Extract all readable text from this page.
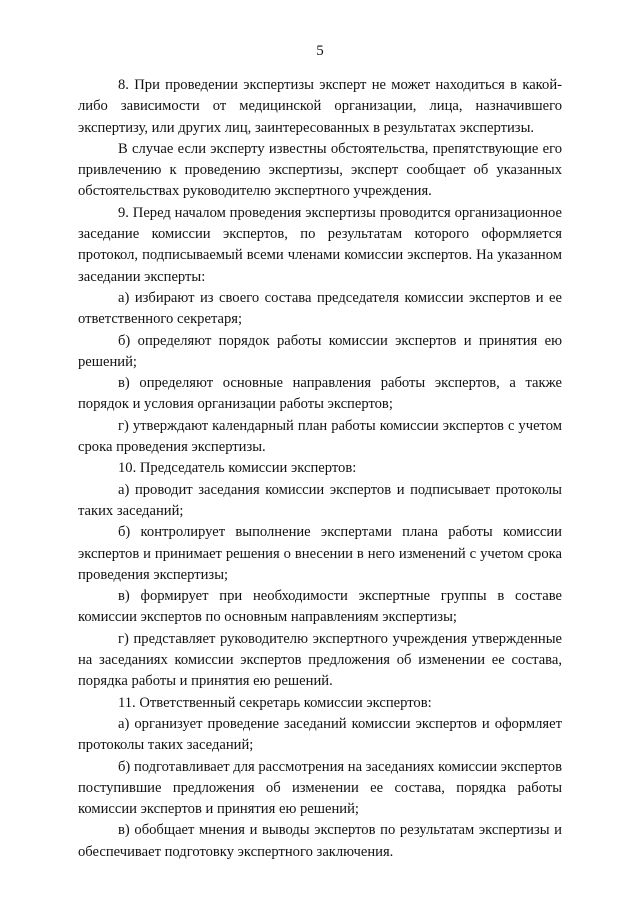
5

8. При проведении экспертизы эксперт не может находиться в какой-либо зависимости от медицинской организации, лица, назначившего экспертизу, или других лиц, заинтересованных в результатах экспертизы.

В случае если эксперту известны обстоятельства, препятствующие его привлечению к проведению экспертизы, эксперт сообщает об указанных обстоятельствах руководителю экспертного учреждения.

9. Перед началом проведения экспертизы проводится организационное заседание комиссии экспертов, по результатам которого оформляется протокол, подписываемый всеми членами комиссии экспертов. На указанном заседании эксперты:

а) избирают из своего состава председателя комиссии экспертов и ее ответственного секретаря;

б) определяют порядок работы комиссии экспертов и принятия ею решений;

в) определяют основные направления работы экспертов, а также порядок и условия организации работы экспертов;

г) утверждают календарный план работы комиссии экспертов с учетом срока проведения экспертизы.

10. Председатель комиссии экспертов:

а) проводит заседания комиссии экспертов и подписывает протоколы таких заседаний;

б) контролирует выполнение экспертами плана работы комиссии экспертов и принимает решения о внесении в него изменений с учетом срока проведения экспертизы;

в) формирует при необходимости экспертные группы в составе комиссии экспертов по основным направлениям экспертизы;

г) представляет руководителю экспертного учреждения утвержденные на заседаниях комиссии экспертов предложения об изменении ее состава, порядка работы и принятия ею решений.

11. Ответственный секретарь комиссии экспертов:

а) организует проведение заседаний комиссии экспертов и оформляет протоколы таких заседаний;

б) подготавливает для рассмотрения на заседаниях комиссии экспертов поступившие предложения об изменении ее состава, порядка работы комиссии экспертов и принятия ею решений;

в) обобщает мнения и выводы экспертов по результатам экспертизы и обеспечивает подготовку экспертного заключения.
